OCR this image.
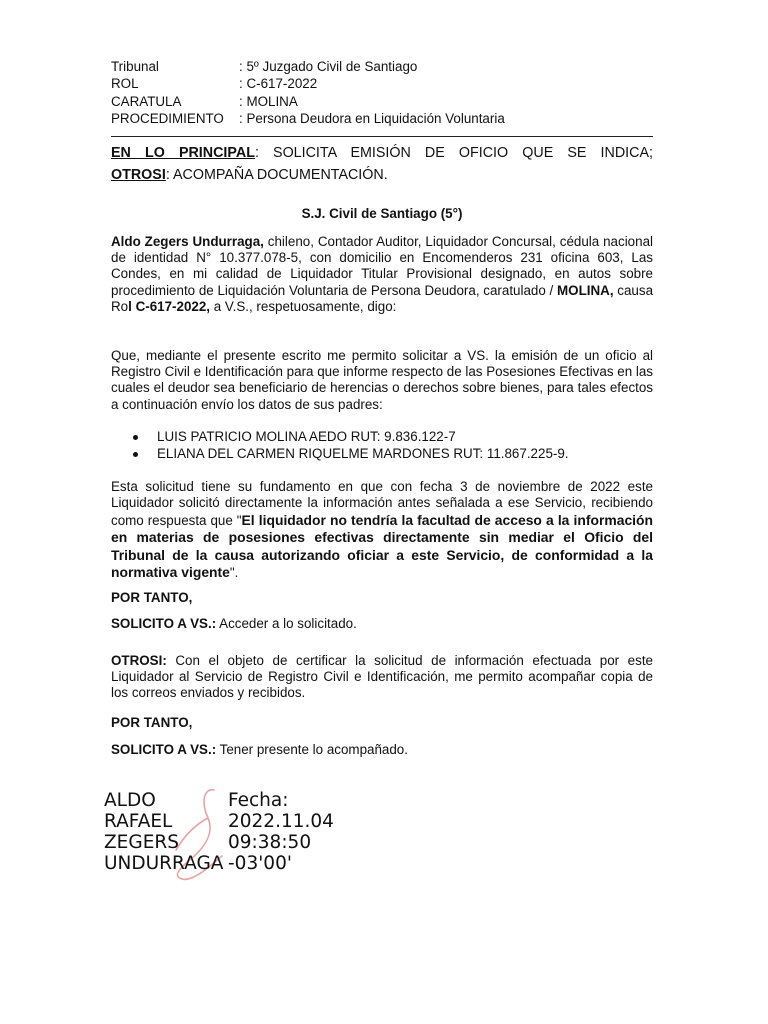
Tribunal	: 5º Juzgado Civil de Santiago
ROL	: C-617-2022
CARATULA	: MOLINA
PROCEDIMIENTO	: Persona Deudora en Liquidación Voluntaria
EN LO PRINCIPAL: SOLICITA EMISIÓN DE OFICIO QUE SE INDICA;
OTROSI: ACOMPAÑA DOCUMENTACIÓN.
S.J. Civil de Santiago (5°)
Aldo Zegers Undurraga, chileno, Contador Auditor, Liquidador Concursal, cédula nacional de identidad N° 10.377.078-5, con domicilio en Encomenderos 231 oficina 603, Las Condes, en mi calidad de Liquidador Titular Provisional designado, en autos sobre procedimiento de Liquidación Voluntaria de Persona Deudora, caratulado / MOLINA, causa Rol C-617-2022, a V.S., respetuosamente, digo:
Que, mediante el presente escrito me permito solicitar a VS. la emisión de un oficio al Registro Civil e Identificación para que informe respecto de las Posesiones Efectivas en las cuales el deudor sea beneficiario de herencias o derechos sobre bienes, para tales efectos a continuación envío los datos de sus padres:
LUIS PATRICIO MOLINA AEDO RUT: 9.836.122-7
ELIANA DEL CARMEN RIQUELME MARDONES RUT: 11.867.225-9.
Esta solicitud tiene su fundamento en que con fecha 3 de noviembre de 2022 este Liquidador solicitó directamente la información antes señalada a ese Servicio, recibiendo como respuesta que "El liquidador no tendría la facultad de acceso a la información en materias de posesiones efectivas directamente sin mediar el Oficio del Tribunal de la causa autorizando oficiar a este Servicio, de conformidad a la normativa vigente".
POR TANTO,
SOLICITO A VS.: Acceder a lo solicitado.
OTROSI: Con el objeto de certificar la solicitud de información efectuada por este Liquidador al Servicio de Registro Civil e Identificación, me permito acompañar copia de los correos enviados y recibidos.
POR TANTO,
SOLICITO A VS.: Tener presente lo acompañado.
ALDO
RAFAEL
ZEGERS
UNDURRAGA
Fecha:
2022.11.04
09:38:50
-03'00'
